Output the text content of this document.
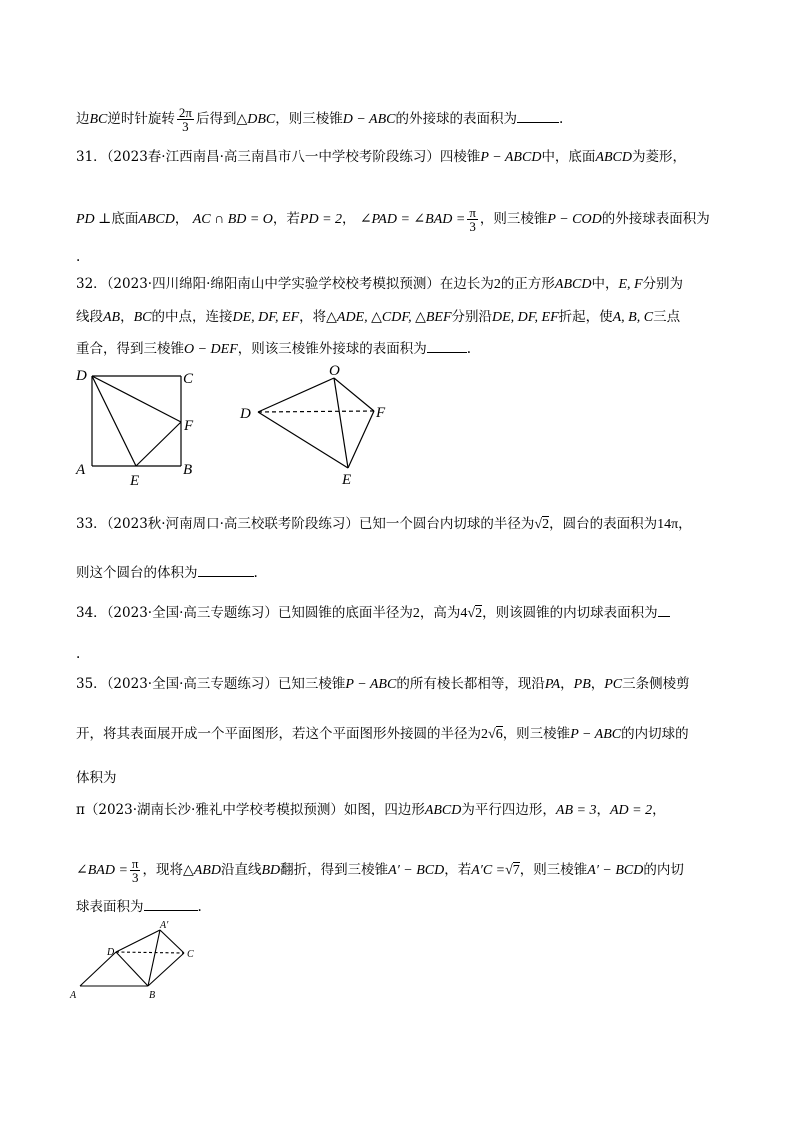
边BC逆时针旋转 $\frac{2\pi}{3}$ 后得到△DBC，则三棱锥D − ABC的外接球的表面积为	.
31．（2023春·江西南昌·高三南昌市八一中学校考阶段练习）四棱锥P − ABCD中，底面ABCD为菱形，
PD ⊥底面ABCD， AC ∩ BD = O，若PD = 2， ∠PAD = ∠BAD = $\frac{\pi}{3}$ ，则三棱锥P − COD的外接球表面积为
.
32．（2023·四川绵阳·绵阳南山中学实验学校校考模拟预测）在边长为2的正方形ABCD中，E, F分别为
线段AB，BC的中点，连接DE, DF, EF，将△ADE, △CDF, △BEF分别沿DE, DF, EF折起，使A, B, C三点
重合，得到三棱锥O − DEF，则该三棱锥外接球的表面积为	.
D	C
F
A
E
B
O
D	F
E
33．（2023秋·河南周口·高三校联考阶段练习）已知一个圆台内切球的半径为√2，圆台的表面积为14π，
则这个圆台的体积为	.
34．（2023·全国·高三专题练习）已知圆锥的底面半径为2，高为4√2，则该圆锥的内切球表面积为
.
35．（2023·全国·高三专题练习）已知三棱锥P − ABC的所有棱长都相等，现沿PA，PB，PC三条侧棱剪
开，将其表面展开成一个平面图形，若这个平面图形外接圆的半径为2√6，则三棱锥P − ABC的内切球的
体积为
π（2023·湖南长沙·雅礼中学校考模拟预测）如图，四边形ABCD为平行四边形，AB = 3，AD = 2，
∠BAD = $\frac{\pi}{3}$ ，现将△ABD沿直线BD翻折，得到三棱锥A′ − BCD，若A′C =√7，则三棱锥A′ − BCD的内切
球表面积为	.
D
A′
C
A	B
